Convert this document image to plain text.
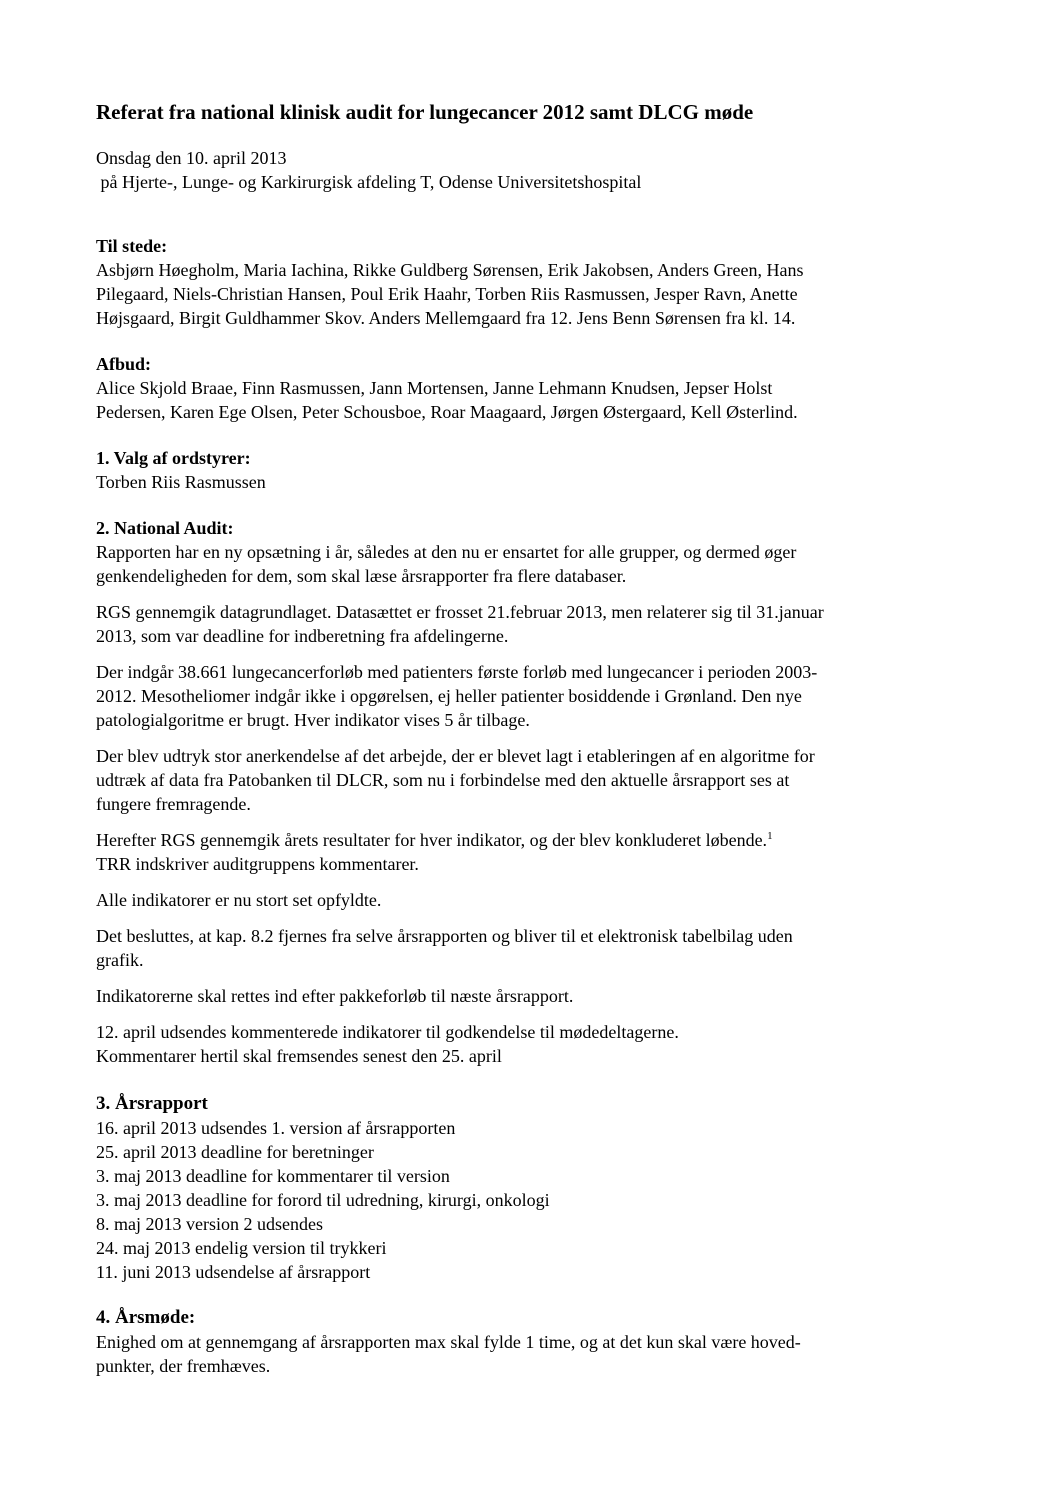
Referat fra national klinisk audit for lungecancer 2012 samt DLCG møde
Onsdag den 10. april 2013
på Hjerte-, Lunge- og Karkirurgisk afdeling T, Odense Universitetshospital
Til stede:
Asbjørn Høegholm, Maria Iachina, Rikke Guldberg Sørensen, Erik Jakobsen, Anders Green, Hans
Pilegaard, Niels-Christian Hansen, Poul Erik Haahr, Torben Riis Rasmussen, Jesper Ravn, Anette
Højsgaard, Birgit Guldhammer Skov. Anders Mellemgaard fra 12. Jens Benn Sørensen fra kl. 14.
Afbud:
Alice Skjold Braae, Finn Rasmussen, Jann Mortensen, Janne Lehmann Knudsen, Jepser Holst
Pedersen, Karen Ege Olsen, Peter Schousboe, Roar Maagaard, Jørgen Østergaard, Kell Østerlind.
1. Valg af ordstyrer:
Torben Riis Rasmussen
2. National Audit:
Rapporten har en ny opsætning i år, således at den nu er ensartet for alle grupper, og dermed øger
genkendeligheden for dem, som skal læse årsrapporter fra flere databaser.
RGS gennemgik datagrundlaget. Datasættet er frosset 21.februar 2013, men relaterer sig til 31.januar
2013, som var deadline for indberetning fra afdelingerne.
Der indgår 38.661 lungecancerforløb med patienters første forløb med lungecancer i perioden 2003-
2012. Mesotheliomer indgår ikke i opgørelsen, ej heller patienter bosiddende i Grønland. Den nye
patologialgoritme er brugt. Hver indikator vises 5 år tilbage.
Der blev udtryk stor anerkendelse af det arbejde, der er blevet lagt i etableringen af en algoritme for
udtræk af data fra Patobanken til DLCR, som nu i forbindelse med den aktuelle årsrapport ses at
fungere fremragende.
Herefter RGS gennemgik årets resultater for hver indikator, og der blev konkluderet løbende.$^1$
TRR indskriver auditgruppens kommentarer.
Alle indikatorer er nu stort set opfyldte.
Det besluttes, at kap. 8.2 fjernes fra selve årsrapporten og bliver til et elektronisk tabelbilag uden
grafik.
Indikatorerne skal rettes ind efter pakkeforløb til næste årsrapport.
12. april udsendes kommenterede indikatorer til godkendelse til mødedeltagerne.
Kommentarer hertil skal fremsendes senest den 25. april
3. Årsrapport
16. april 2013 udsendes 1. version af årsrapporten
25. april 2013 deadline for beretninger
3. maj 2013 deadline for kommentarer til version
3. maj 2013 deadline for forord til udredning, kirurgi, onkologi
8. maj 2013 version 2 udsendes
24. maj 2013 endelig version til trykkeri
11. juni 2013 udsendelse af årsrapport
4. Årsmøde:
Enighed om at gennemgang af årsrapporten max skal fylde 1 time, og at det kun skal være hoved-
punkter, der fremhæves.
